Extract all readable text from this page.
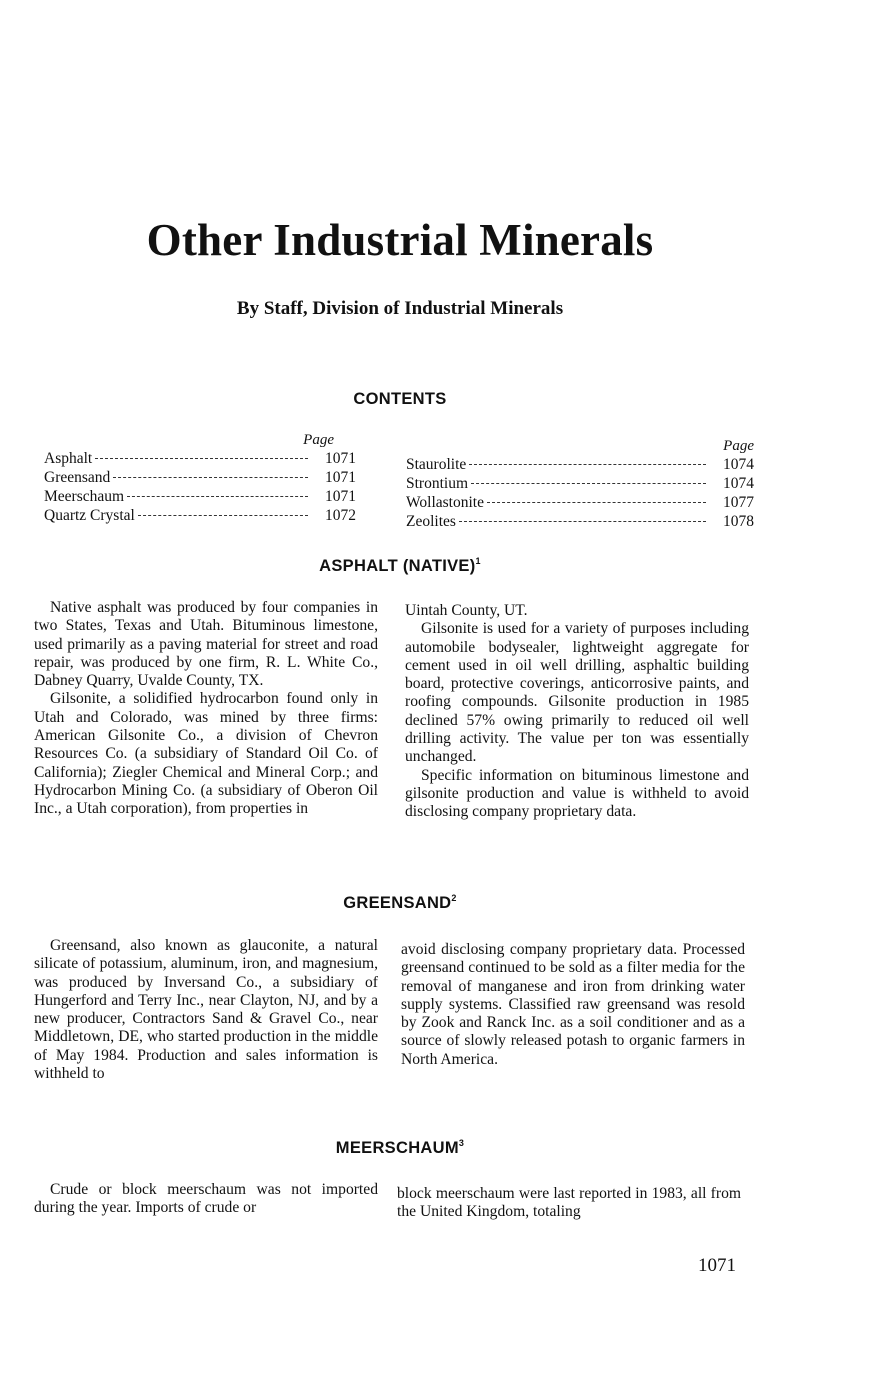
Other Industrial Minerals
By Staff, Division of Industrial Minerals
CONTENTS
Page
Asphalt	1071
Greensand	1071
Meerschaum	1071
Quartz Crystal	1072
Page
Staurolite	1074
Strontium	1074
Wollastonite	1077
Zeolites	1078
ASPHALT (NATIVE)$^1$

Native asphalt was produced by four companies in two States, Texas and Utah. Bituminous limestone, used primarily as a paving material for street and road repair, was produced by one firm, R. L. White Co., Dabney Quarry, Uvalde County, TX.

Gilsonite, a solidified hydrocarbon found only in Utah and Colorado, was mined by three firms: American Gilsonite Co., a division of Chevron Resources Co. (a subsidiary of Standard Oil Co. of California); Ziegler Chemical and Mineral Corp.; and Hydrocarbon Mining Co. (a subsidiary of Oberon Oil Inc., a Utah corporation), from properties in

Uintah County, UT.

Gilsonite is used for a variety of purposes including automobile bodysealer, lightweight aggregate for cement used in oil well drilling, asphaltic building board, protective coverings, anticorrosive paints, and roofing compounds. Gilsonite production in 1985 declined 57% owing primarily to reduced oil well drilling activity. The value per ton was essentially unchanged.

Specific information on bituminous limestone and gilsonite production and value is withheld to avoid disclosing company proprietary data.

GREENSAND$^2$

Greensand, also known as glauconite, a natural silicate of potassium, aluminum, iron, and magnesium, was produced by Inversand Co., a subsidiary of Hungerford and Terry Inc., near Clayton, NJ, and by a new producer, Contractors Sand & Gravel Co., near Middletown, DE, who started production in the middle of May 1984. Production and sales information is withheld to

avoid disclosing company proprietary data. Processed greensand continued to be sold as a filter media for the removal of manganese and iron from drinking water supply systems. Classified raw greensand was resold by Zook and Ranck Inc. as a soil conditioner and as a source of slowly released potash to organic farmers in North America.

MEERSCHAUM$^3$

Crude or block meerschaum was not imported during the year. Imports of crude or

block meerschaum were last reported in 1983, all from the United Kingdom, totaling

1071
